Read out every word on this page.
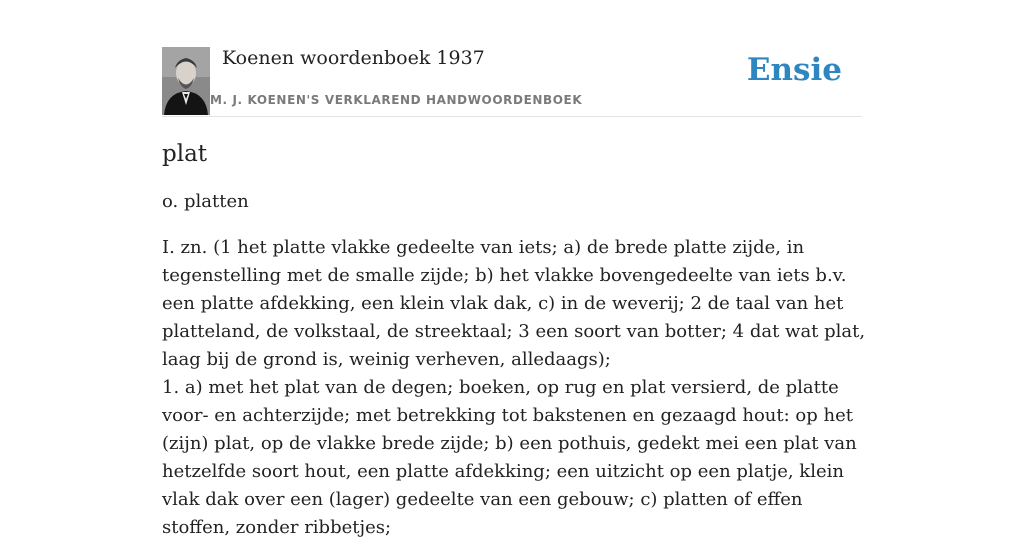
Koenen woordenboek 1937
M. J. KOENEN'S VERKLAREND HANDWOORDENBOEK
Ensie
plat
o. platten

I. zn. (1 het platte vlakke gedeelte van iets; a) de brede platte zijde, in tegenstelling met de smalle zijde; b) het vlakke bovengedeelte van iets b.v. een platte afdekking, een klein vlak dak, c) in de weverij; 2 de taal van het platteland, de volkstaal, de streektaal; 3 een soort van botter; 4 dat wat plat, laag bij de grond is, weinig verheven, alledaags);

1. a) met het plat van de degen; boeken, op rug en plat versierd, de platte voor- en achterzijde; met betrekking tot bakstenen en gezaagd hout: op het (zijn) plat, op de vlakke brede zijde; b) een pothuis, gedekt mei een plat van hetzelfde soort hout, een platte afdekking; een uitzicht op een platje, klein vlak dak over een (lager) gedeelte van een gebouw; c) platten of effen stoffen, zonder ribbetjes;
